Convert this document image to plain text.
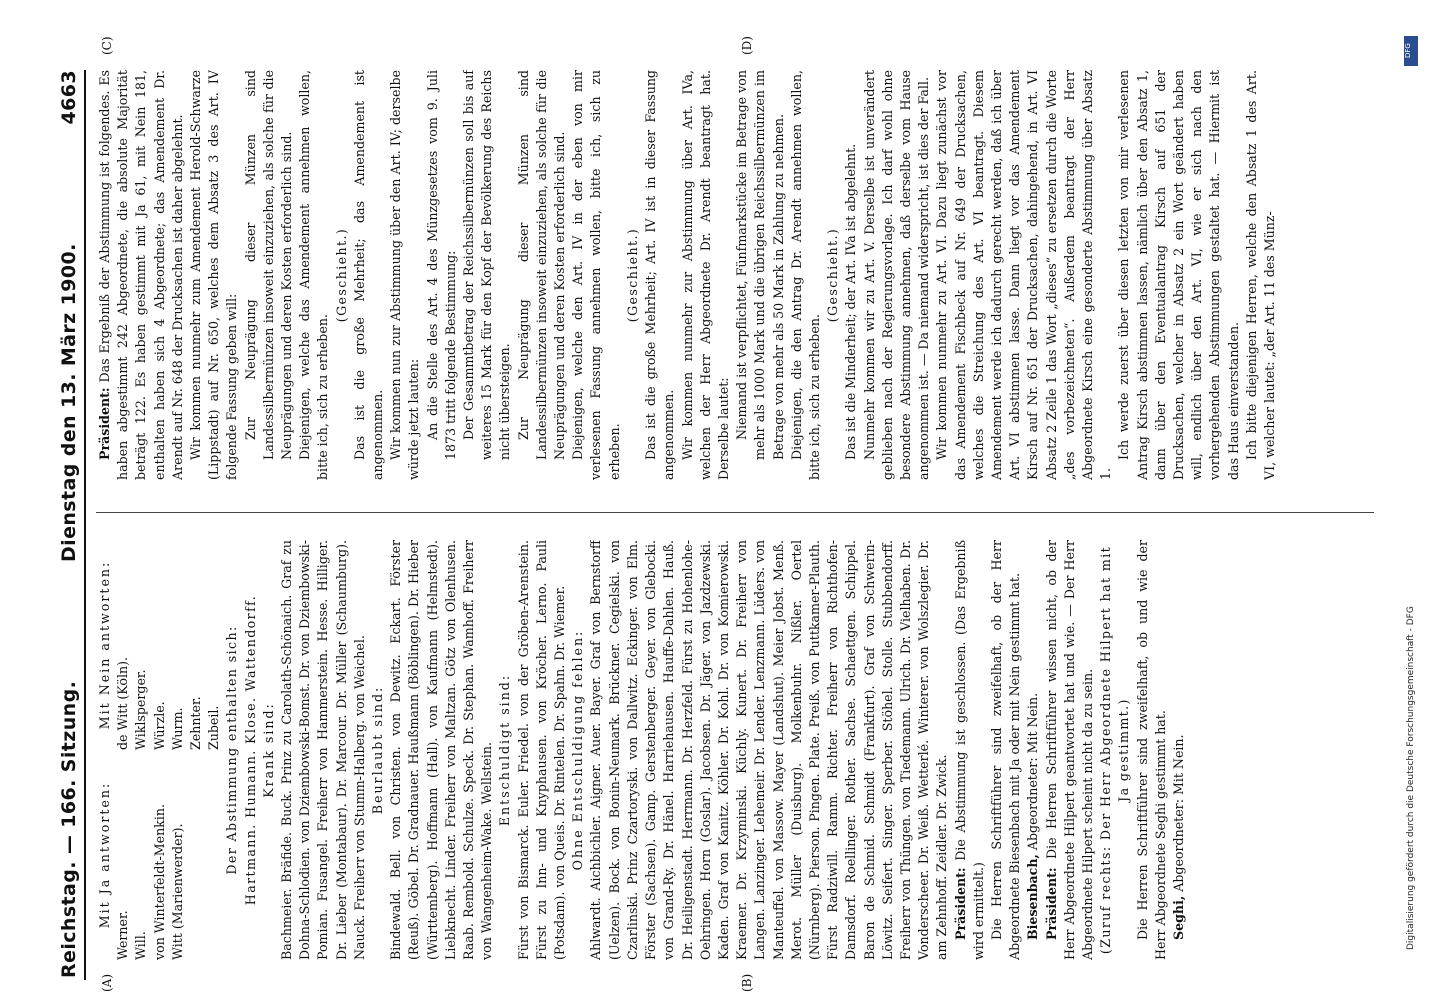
Reichstag. — 166. Sitzung.
Dienstag den 13. März 1900.
4663
(A)	(B)
(C)	(D)

Mit Ja antworten:

Werner. Will. von Winterfeldt-Menkin. Witt (Marienwerder).

Mit Nein antworten: de Witt (Köln). Wiklsperger. Würzle. Wurm. Zehnter. Zubeil. Der Abstimmung enthalten sich: Hartmann. Humann. Klose. Wattendorff. Krank sind: Bachmeier. Bräfide. Buck. Prinz zu Carolath-Schönaich. Graf zu Dohna-Schlodien. von Dziembowski-Bomst. Dr. von Dziembowski-Pomian. Fusangel. Freiherr von Hammerstein. Hesse. Hilliger. Dr. Lieber (Montabaur). Dr. Marcour. Dr. Müller (Schaumburg). Nauck. Freiherr von Stumm-Halberg. von Weichel. Beurlaubt sind: Bindewald. Bell. von Christen. von Dewitz. Eckart. Förster (Reuß). Göbel. Dr. Gradnauer. Haußmann (Böblingen). Dr. Hieber (Württemberg). Hoffmann (Hall). von Kaufmann (Helmstedt). Liebknecht. Linder. Freiherr von Maltzan. Götz von Olenhusen. Raab. Rembold. Schulze. Speck. Dr. Stephan. Wamhoff. Freiherr von Wangenheim-Wake. Wellstein. Entschuldigt sind: Fürst von Bismarck. Euler. Friedel. von der Gröben-Arenstein. Fürst zu Inn- und Knyphausen. von Kröcher. Lerno. Pauli (Potsdam). von Queis. Dr. Rintelen. Dr. Spahn. Dr. Wiemer. Ohne Entschuldigung fehlen: Ahlwardt. Aichbichler. Aigner. Auer. Bayer. Graf von Bernstorff (Uelzen). Bock. von Bonin-Neumark. Brückner. Cegielski. von Czarlinski. Prinz Czartoryski. von Dallwitz. Eckinger. von Elm. Förster (Sachsen). Gamp. Gerstenberger. Geyer. von Glebocki. von Grand-Ry. Dr. Hänel. Harriehausen. Hauffe-Dahlen. Hauß. Dr. Heiligenstadt. Herrmann. Dr. Herzfeld. Fürst zu Hohenlohe-Oehringen. Horn (Goslar). Jacobsen. Dr. Jäger. von Jazdzewski. Kaden. Graf von Kanitz. Köhler. Dr. Kohl. Dr. von Komierowski. Kraemer. Dr. Krzyminski. Küchly. Kunert. Dr. Freiherr von Langen. Lanzinger. Lehemeir. Dr. Lender. Lenzmann. Lüders. von Manteuffel. von Massow. Mayer (Landshut). Meier Jobst. Menß. Merot. Müller (Duisburg). Molkenbuhr. Nißler. Oertel (Nürnberg). Pierson. Pingen. Plate. Preiß. von Puttkamer-Plauth. Fürst Radziwill. Ramm. Richter. Freiherr von Richthofen-Damsdorf. Roellinger. Rother. Sachse. Schaettgen. Schippel. Baron de Schmid. Schmidt (Frankfurt). Graf von Schwerin-Löwitz. Seifert. Singer. Sperber. Stöhel. Stolle. Stubbendorff. Freiherr von Thüngen. von Tiedemann. Ulrich. Dr. Vielhaben. Dr. Vonderscheer. Dr. Weiß. Wetterlé. Winterer. von Wolszlegier. Dr. am Zehnhoff. Zeidler. Dr. Zwick. Präsident: Die Abstimmung ist geschlossen. (Das Ergebniß wird ermittelt.) Die Herren Schriftführer sind zweifelhaft, ob der Herr Abgeordnete Biesenbach mit Ja oder mit Nein gestimmt hat. Biesenbach, Abgeordneter: Mit Nein.

Präsident: Die Herren Schriftführer wissen nicht, ob der Herr Abgeordnete Hilpert geantwortet hat und wie. — Der Herr Abgeordnete Hilpert scheint nicht da zu sein. (Zuruf rechts: Der Herr Abgeordnete Hilpert hat mit Ja gestimmt.) Die Herren Schriftführer sind zweifelhaft, ob und wie der Herr Abgeordnete Seghi gestimmt hat. Seghi, Abgeordneter: Mit Nein.

Präsident: Das Ergebniß der Abstimmung ist folgendes. Es haben abgestimmt 242 Abgeordnete, die absolute Majorität beträgt 122. Es haben gestimmt mit Ja 61, mit Nein 181, enthalten haben sich 4 Abgeordnete; das Amendement Dr. Arendt auf Nr. 648 der Drucksachen ist daher abgelehnt. Wir kommen nunmehr zum Amendement Herold-Schwarze (Lippstadt) auf Nr. 650, welches dem Absatz 3 des Art. IV folgende Fassung geben will: Zur Neuprägung dieser Münzen sind Landessilbermünzen insoweit einzuziehen, als solche für die Neuprägungen und deren Kosten erforderlich sind. Diejenigen, welche das Amendement annehmen wollen, bitte ich, sich zu erheben.

(Geschieht.) Das ist die große Mehrheit; das Amendement ist angenommen. Wir kommen nun zur Abstimmung über den Art. IV; derselbe würde jetzt lauten: An die Stelle des Art. 4 des Münzgesetzes vom 9. Juli 1873 tritt folgende Bestimmung: Der Gesammtbetrag der Reichssilbermünzen soll bis auf weiteres 15 Mark für den Kopf der Bevölkerung des Reichs nicht übersteigen. Zur Neuprägung dieser Münzen sind Landessilbermünzen insoweit einzuziehen, als solche für die Neuprägungen und deren Kosten erforderlich sind. Diejenigen, welche den Art. IV in der eben von mir verlesenen Fassung annehmen wollen, bitte ich, sich zu erheben.

(Geschieht.) Das ist die große Mehrheit; Art. IV ist in dieser Fassung angenommen. Wir kommen nunmehr zur Abstimmung über Art. IVa, welchen der Herr Abgeordnete Dr. Arendt beantragt hat. Derselbe lautet: Niemand ist verpflichtet, Fünfmarkstücke im Betrage von mehr als 1000 Mark und die übrigen Reichssilbermünzen im Betrage von mehr als 50 Mark in Zahlung zu nehmen. Diejenigen, die den Antrag Dr. Arendt annehmen wollen, bitte ich, sich zu erheben.

(Geschieht.) Das ist die Minderheit; der Art. IVa ist abgelehnt. Nunmehr kommen wir zu Art. V. Derselbe ist unverändert geblieben nach der Regierungsvorlage. Ich darf wohl ohne besondere Abstimmung annehmen, daß derselbe vom Hause angenommen ist. — Da niemand widerspricht, ist dies der Fall. Wir kommen nunmehr zu Art. VI. Dazu liegt zunächst vor das Amendement Fischbeck auf Nr. 649 der Drucksachen, welches die Streichung des Art. VI beantragt. Diesem Amendement werde ich dadurch gerecht werden, daß ich über Art. VI abstimmen lasse. Dann liegt vor das Amendement Kirsch auf Nr. 651 der Drucksachen, dahingehend, in Art. VI Absatz 2 Zeile 1 das Wort „dieses“ zu ersetzen durch die Worte „des vorbezeichneten“. Außerdem beantragt der Herr Abgeordnete Kirsch eine gesonderte Abstimmung über Absatz 1.

Ich werde zuerst über diesen letzten von mir verlesenen Antrag Kirsch abstimmen lassen, nämlich über den Absatz 1, dann über den Eventualantrag Kirsch auf 651 der Drucksachen, welcher in Absatz 2 ein Wort geändert haben will, endlich über den Art. VI, wie er sich nach den vorhergehenden Abstimmungen gestaltet hat. — Hiermit ist das Haus einverstanden. Ich bitte diejenigen Herren, welche den Absatz 1 des Art. VI, welcher lautet: „der Art. 11 des Münz-

DFG
Digitalisierung gefördert durch die Deutsche Forschungsgemeinschaft - DFG
